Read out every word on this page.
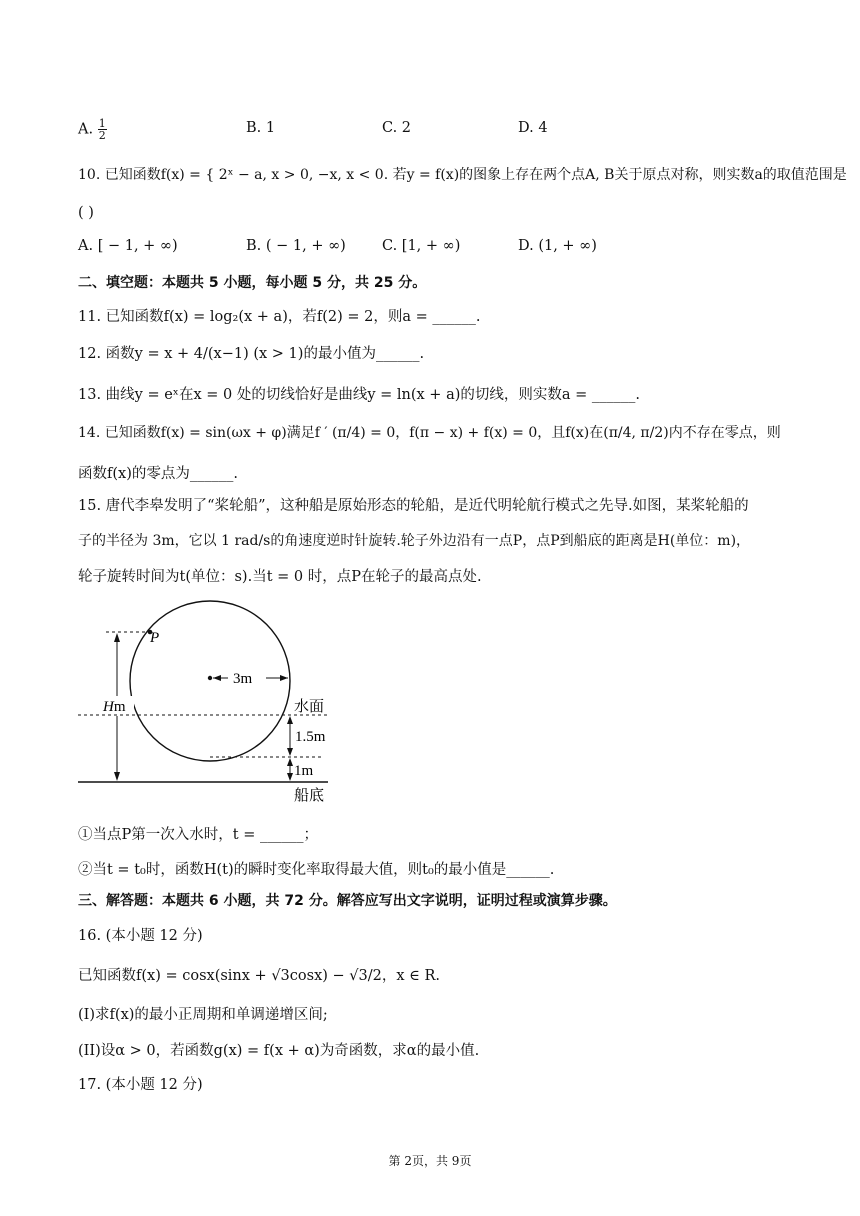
A. $\frac{1}{2}$	B. 1	C. 2	D. 4
10. 已知函数f(x) = { 2ˣ − a, x > 0, −x, x < 0. 若y = f(x)的图象上存在两个点A, B关于原点对称，则实数a的取值范围是
( )
A. [ − 1, + ∞)	B. ( − 1, + ∞) C. [1, + ∞)	D. (1, + ∞)
二、填空题：本题共 5 小题，每小题 5 分，共 25 分。
11. 已知函数f(x) = log₂(x + a)，若f(2) = 2，则a = ______.
12. 函数y = x + 4/(x−1) (x > 1)的最小值为______.
13. 曲线y = eˣ在x = 0 处的切线恰好是曲线y = ln(x + a)的切线，则实数a = ______.
14. 已知函数f(x) = sin(ωx + φ)满足f ′ (π/4) = 0，f(π − x) + f(x) = 0，且f(x)在(π/4, π/2)内不存在零点，则
函数f(x)的零点为______.
15. 唐代李皋发明了“桨轮船”，这种船是原始形态的轮船，是近代明轮航行模式之先导.如图，某桨轮船的
子的半径为 3m，它以 1 rad/s的角速度逆时针旋转.轮子外边沿有一点P，点P到船底的距离是H(单位：m)，
轮子旋转时间为t(单位：s).当t = 0 时，点P在轮子的最高点处.
P
3m
Hm	水面
1.5m
1m
船底
①当点P第一次入水时，t = ______；
②当t = t₀时，函数H(t)的瞬时变化率取得最大值，则t₀的最小值是______.
三、解答题：本题共 6 小题，共 72 分。解答应写出文字说明，证明过程或演算步骤。
16. (本小题 12 分)
已知函数f(x) = cosx(sinx + √3cosx) − √3/2，x ∈ R.
(I)求f(x)的最小正周期和单调递增区间;
(II)设α > 0，若函数g(x) = f(x + α)为奇函数，求α的最小值.
17. (本小题 12 分)
第 2页，共 9页
